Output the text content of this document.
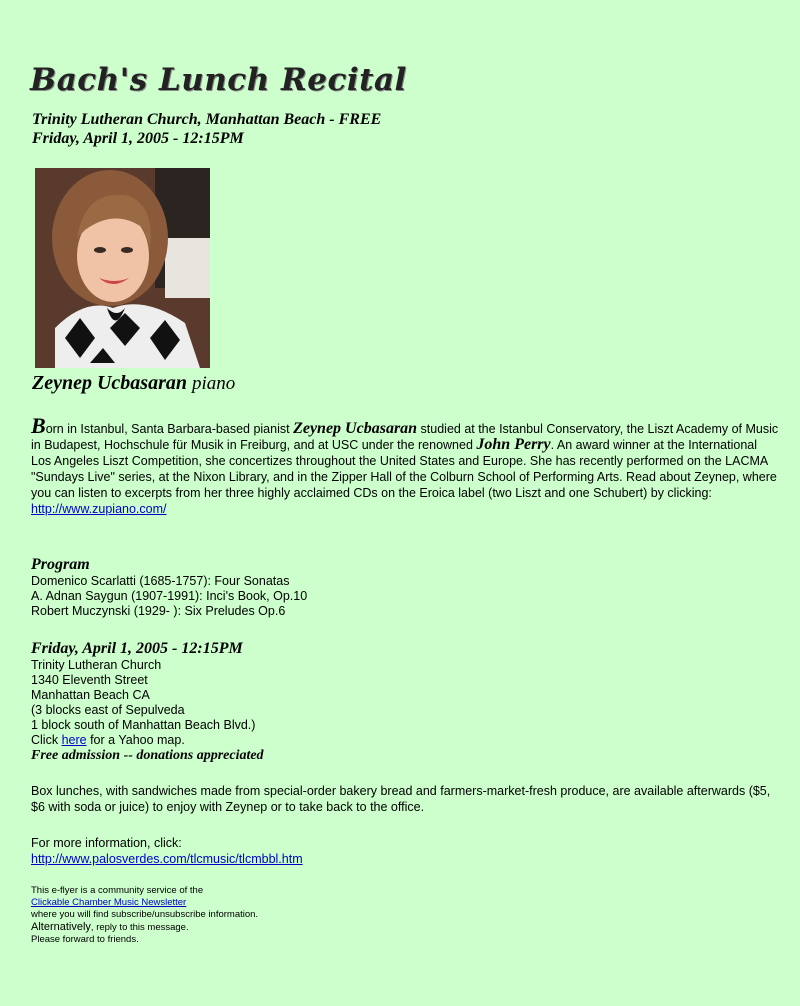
Bach's Lunch Recital
Trinity Lutheran Church, Manhattan Beach - FREE
Friday, April 1, 2005 - 12:15PM
Zeynep Ucbasaran piano
Born in Istanbul, Santa Barbara-based pianist Zeynep Ucbasaran studied at the Istanbul Conservatory, the Liszt Academy of Music in Budapest, Hochschule für Musik in Freiburg, and at USC under the renowned John Perry. An award winner at the International Los Angeles Liszt Competition, she concertizes throughout the United States and Europe. She has recently performed on the LACMA "Sundays Live" series, at the Nixon Library, and in the Zipper Hall of the Colburn School of Performing Arts. Read about Zeynep, where you can listen to excerpts from her three highly acclaimed CDs on the Eroica label (two Liszt and one Schubert) by clicking:
http://www.zupiano.com/
Program
Domenico Scarlatti (1685-1757): Four Sonatas
A. Adnan Saygun (1907-1991): Inci's Book, Op.10
Robert Muczynski (1929- ): Six Preludes Op.6
Friday, April 1, 2005 - 12:15PM
Trinity Lutheran Church
1340 Eleventh Street
Manhattan Beach CA
(3 blocks east of Sepulveda
1 block south of Manhattan Beach Blvd.)
Click here for a Yahoo map.
Free admission -- donations appreciated
Box lunches, with sandwiches made from special-order bakery bread and farmers-market-fresh produce, are available afterwards ($5, $6 with soda or juice) to enjoy with Zeynep or to take back to the office.
For more information, click:
http://www.palosverdes.com/tlcmusic/tlcmbbl.htm
This e-flyer is a community service of the
Clickable Chamber Music Newsletter
where you will find subscribe/unsubscribe information.
Alternatively, reply to this message.
Please forward to friends.
